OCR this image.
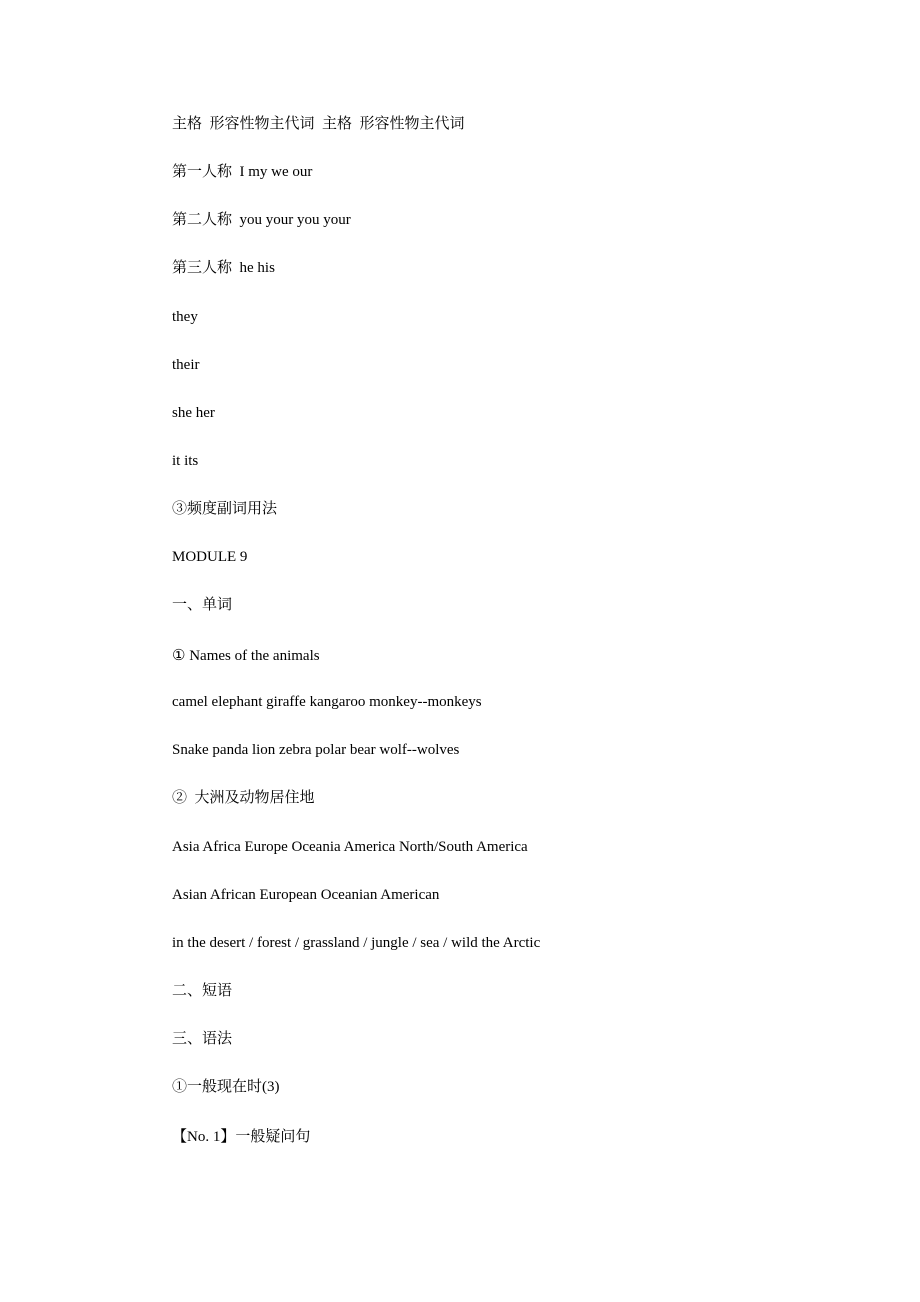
主格  形容性物主代词  主格  形容性物主代词
第一人称  I my we our
第二人称  you your you your
第三人称  he his
they
their
she her
it its
③频度副词用法
MODULE 9
一、单词
① Names of the animals
camel elephant giraffe kangaroo monkey--monkeys
Snake panda lion zebra polar bear wolf--wolves
②  大洲及动物居住地
Asia Africa Europe Oceania America North/South America
Asian African European Oceanian American
in the desert / forest / grassland / jungle / sea / wild the Arctic
二、短语
三、语法
①一般现在时(3)
【No. 1】一般疑问句
